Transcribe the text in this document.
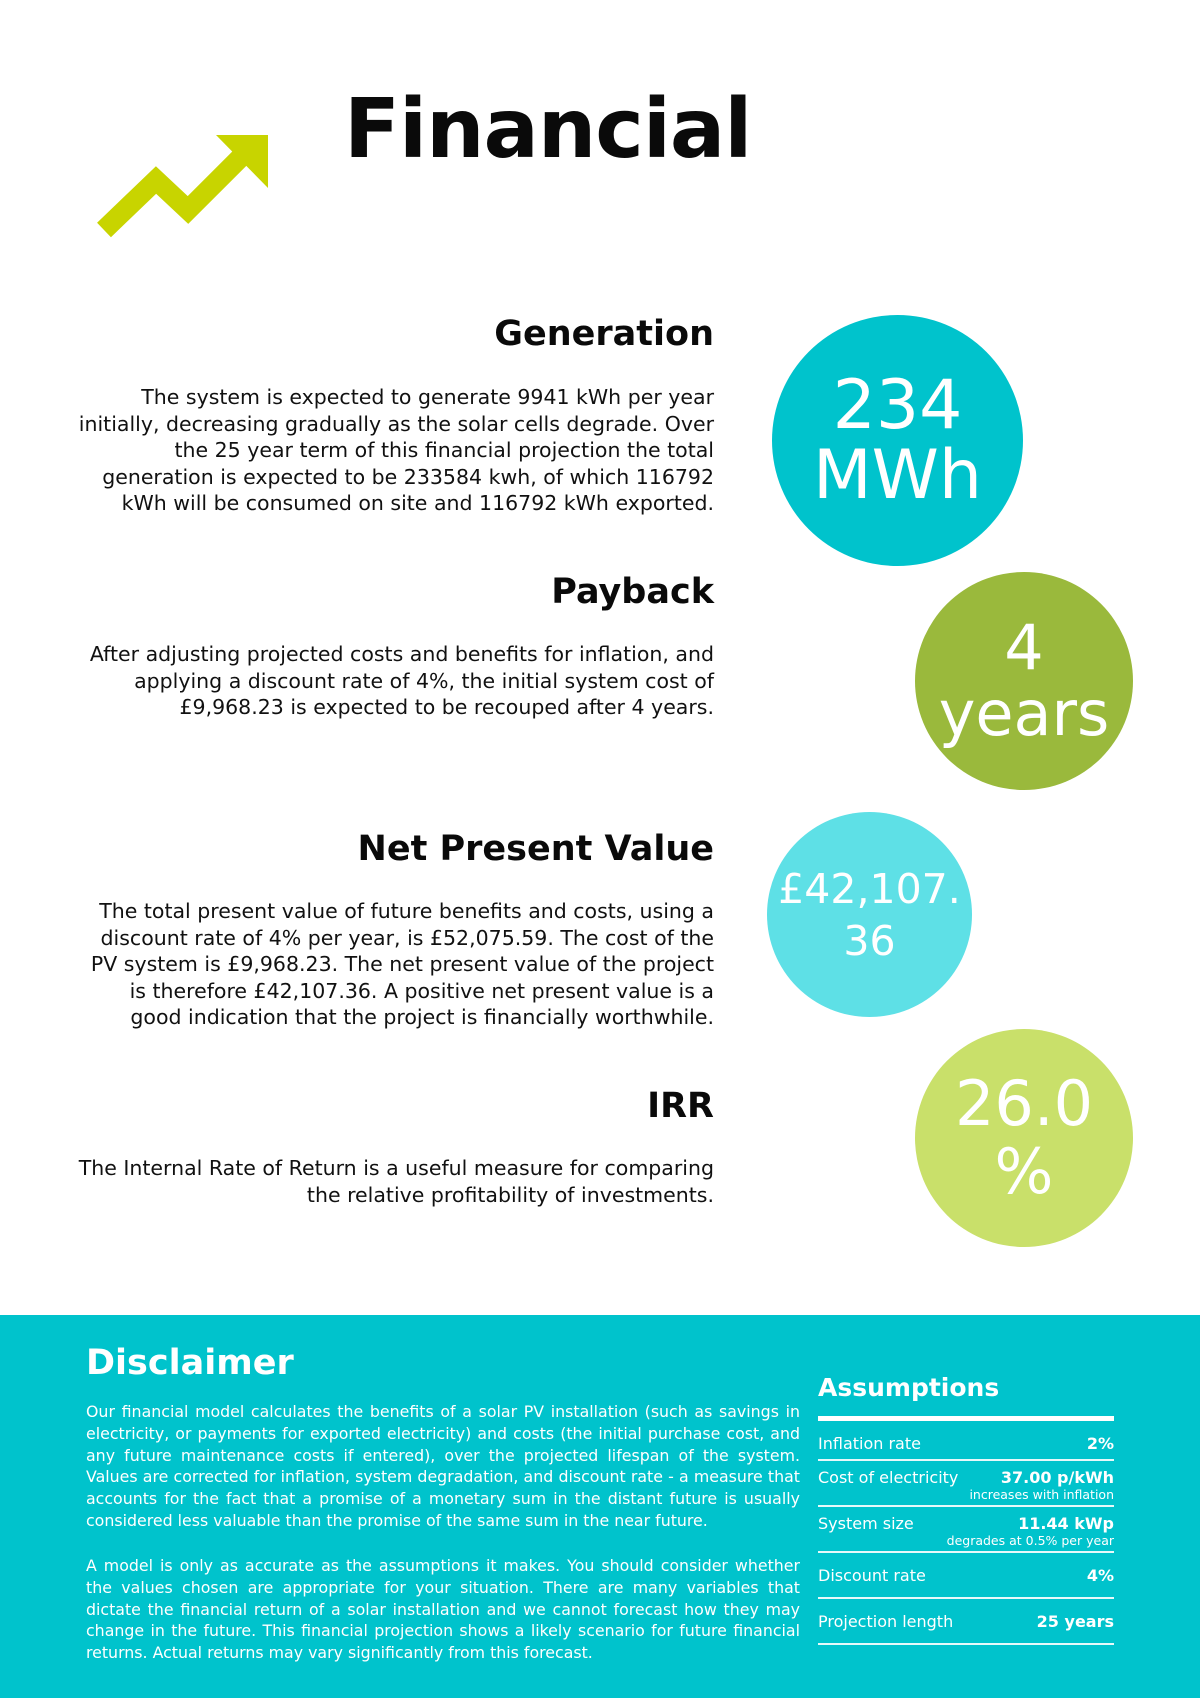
Financial
Generation
The system is expected to generate 9941 kWh per year initially, decreasing gradually as the solar cells degrade. Over the 25 year term of this financial projection the total generation is expected to be 233584 kwh, of which 116792 kWh will be consumed on site and 116792 kWh exported.
234
MWh
Payback
After adjusting projected costs and benefits for inflation, and applying a discount rate of 4%, the initial system cost of £9,968.23 is expected to be recouped after 4 years.
4
years
Net Present Value
The total present value of future benefits and costs, using a discount rate of 4% per year, is £52,075.59. The cost of the PV system is £9,968.23. The net present value of the project is therefore £42,107.36. A positive net present value is a good indication that the project is financially worthwhile.
£42,107.
36
IRR
The Internal Rate of Return is a useful measure for comparing the relative profitability of investments.
26.0
%
Disclaimer
Our financial model calculates the benefits of a solar PV installation (such as savings in electricity, or payments for exported electricity) and costs (the initial purchase cost, and any future maintenance costs if entered), over the projected lifespan of the system. Values are corrected for inflation, system degradation, and discount rate - a measure that accounts for the fact that a promise of a monetary sum in the distant future is usually considered less valuable than the promise of the same sum in the near future.
A model is only as accurate as the assumptions it makes. You should consider whether the values chosen are appropriate for your situation. There are many variables that dictate the financial return of a solar installation and we cannot forecast how they may change in the future. This financial projection shows a likely scenario for future financial returns. Actual returns may vary significantly from this forecast.
Assumptions
Inflation rate	2%
Cost of electricity	37.00 p/kWh
increases with inflation
System size	11.44 kWp
degrades at 0.5% per year
Discount rate	4%
Projection length	25 years
